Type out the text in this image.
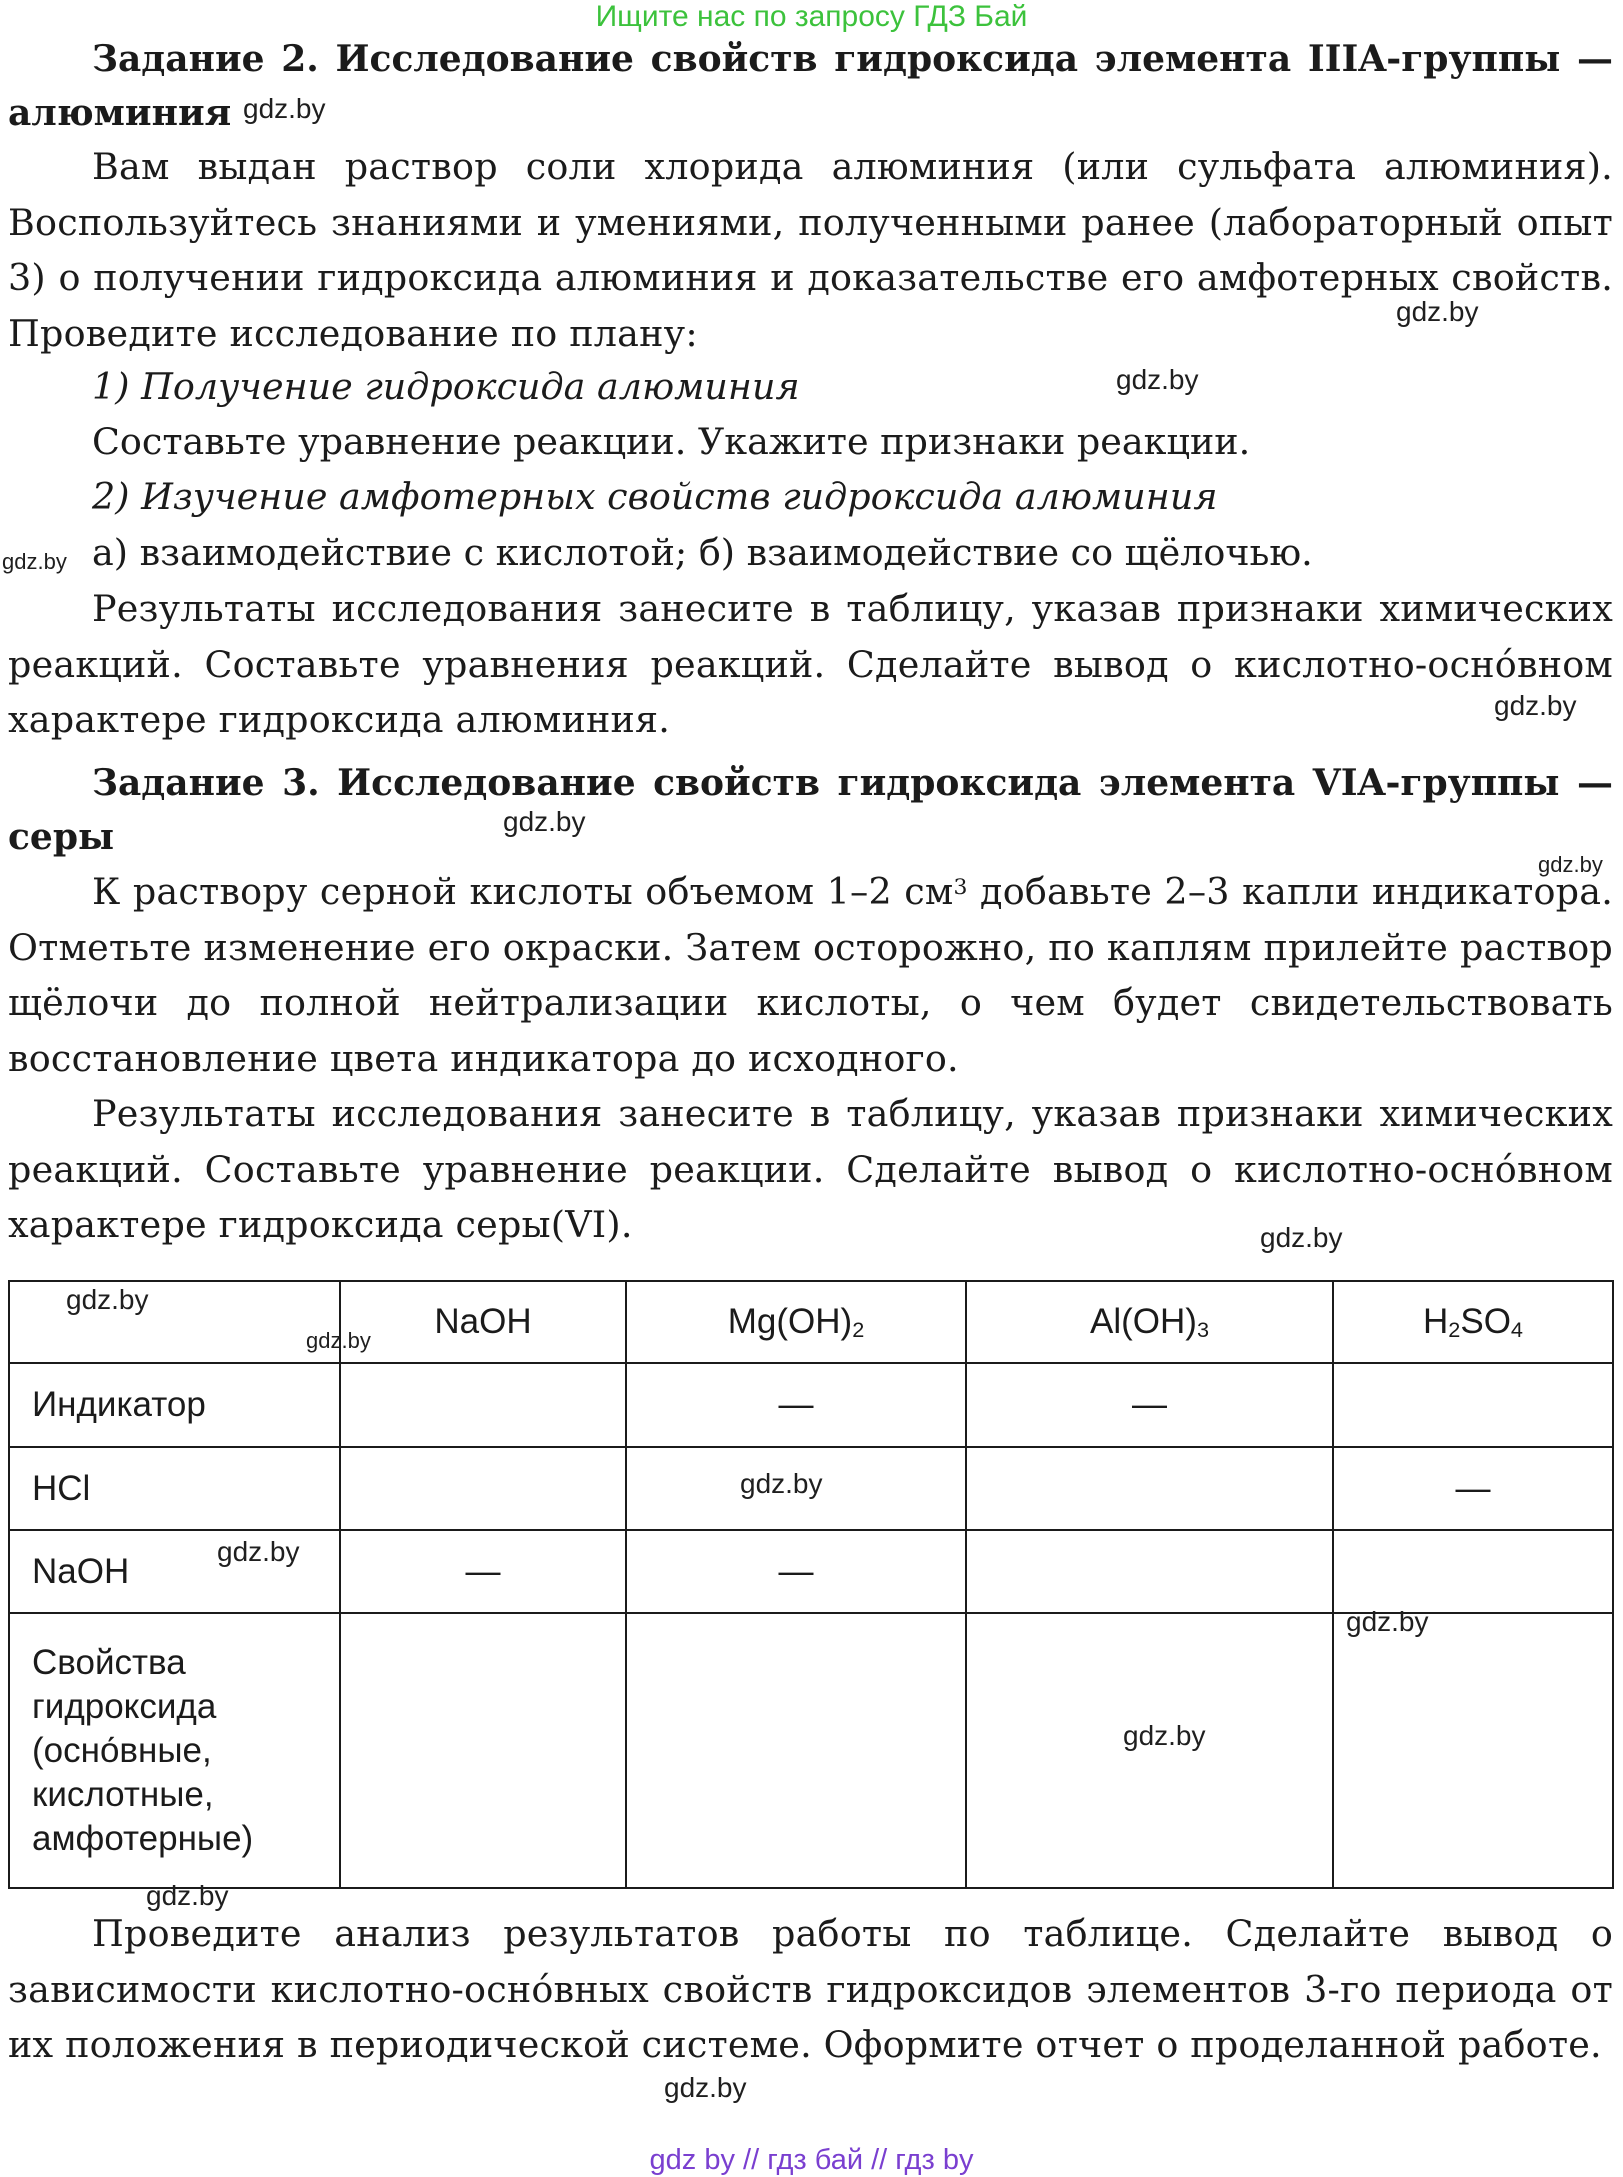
Ищите нас по запросу ГДЗ Бай

Задание 2. Исследование свойств гидроксида элемента IIIA-группы — алюминия

Вам выдан раствор соли хлорида алюминия (или сульфата алюминия). Воспользуйтесь знаниями и умениями, полученными ранее (лабораторный опыт 3) о получении гидроксида алюминия и доказательстве его амфотерных свойств. Проведите исследование по плану:

1) Получение гидроксида алюминия

Составьте уравнение реакции. Укажите признаки реакции.

2) Изучение амфотерных свойств гидроксида алюминия

а) взаимодействие с кислотой; б) взаимодействие со щёлочью.

Результаты исследования занесите в таблицу, указав признаки химических реакций. Составьте уравнения реакций. Сделайте вывод о кислотно-осно́вном характере гидроксида алюминия.

Задание 3. Исследование свойств гидроксида элемента VIA-группы — серы

К раствору серной кислоты объемом 1–2 $см^3$ добавьте 2–3 капли индикатора. Отметьте изменение его окраски. Затем осторожно, по каплям прилейте раствор щёлочи до полной нейтрализации кислоты, о чем будет свидетельствовать восстановление цвета индикатора до исходного.

Результаты исследования занесите в таблицу, указав признаки химических реакций. Составьте уравнение реакции. Сделайте вывод о кислотно-осно́вном характере гидроксида серы(VI).

	NaOH	$Mg(OH)_2$	$Al(OH)_3$	$H_2SO_4$
Индикатор		—	—	
HCl				—
NaOH	—	—		
Свойства
гидроксида
(осно́вные,
кислотные,
амфотерные)				

Проведите анализ результатов работы по таблице. Сделайте вывод о зависимости кислотно-осно́вных свойств гидроксидов элементов 3-го периода от их положения в периодической системе. Оформите отчет о проделанной работе.

gdz.by
gdz.by
gdz.by
gdz.by
gdz.by
gdz.by
gdz.by
gdz.by
gdz.by
gdz.by
gdz.by
gdz.by
gdz.by
gdz.by
gdz.by
gdz.by
gdz by // гдз бай // гдз by
